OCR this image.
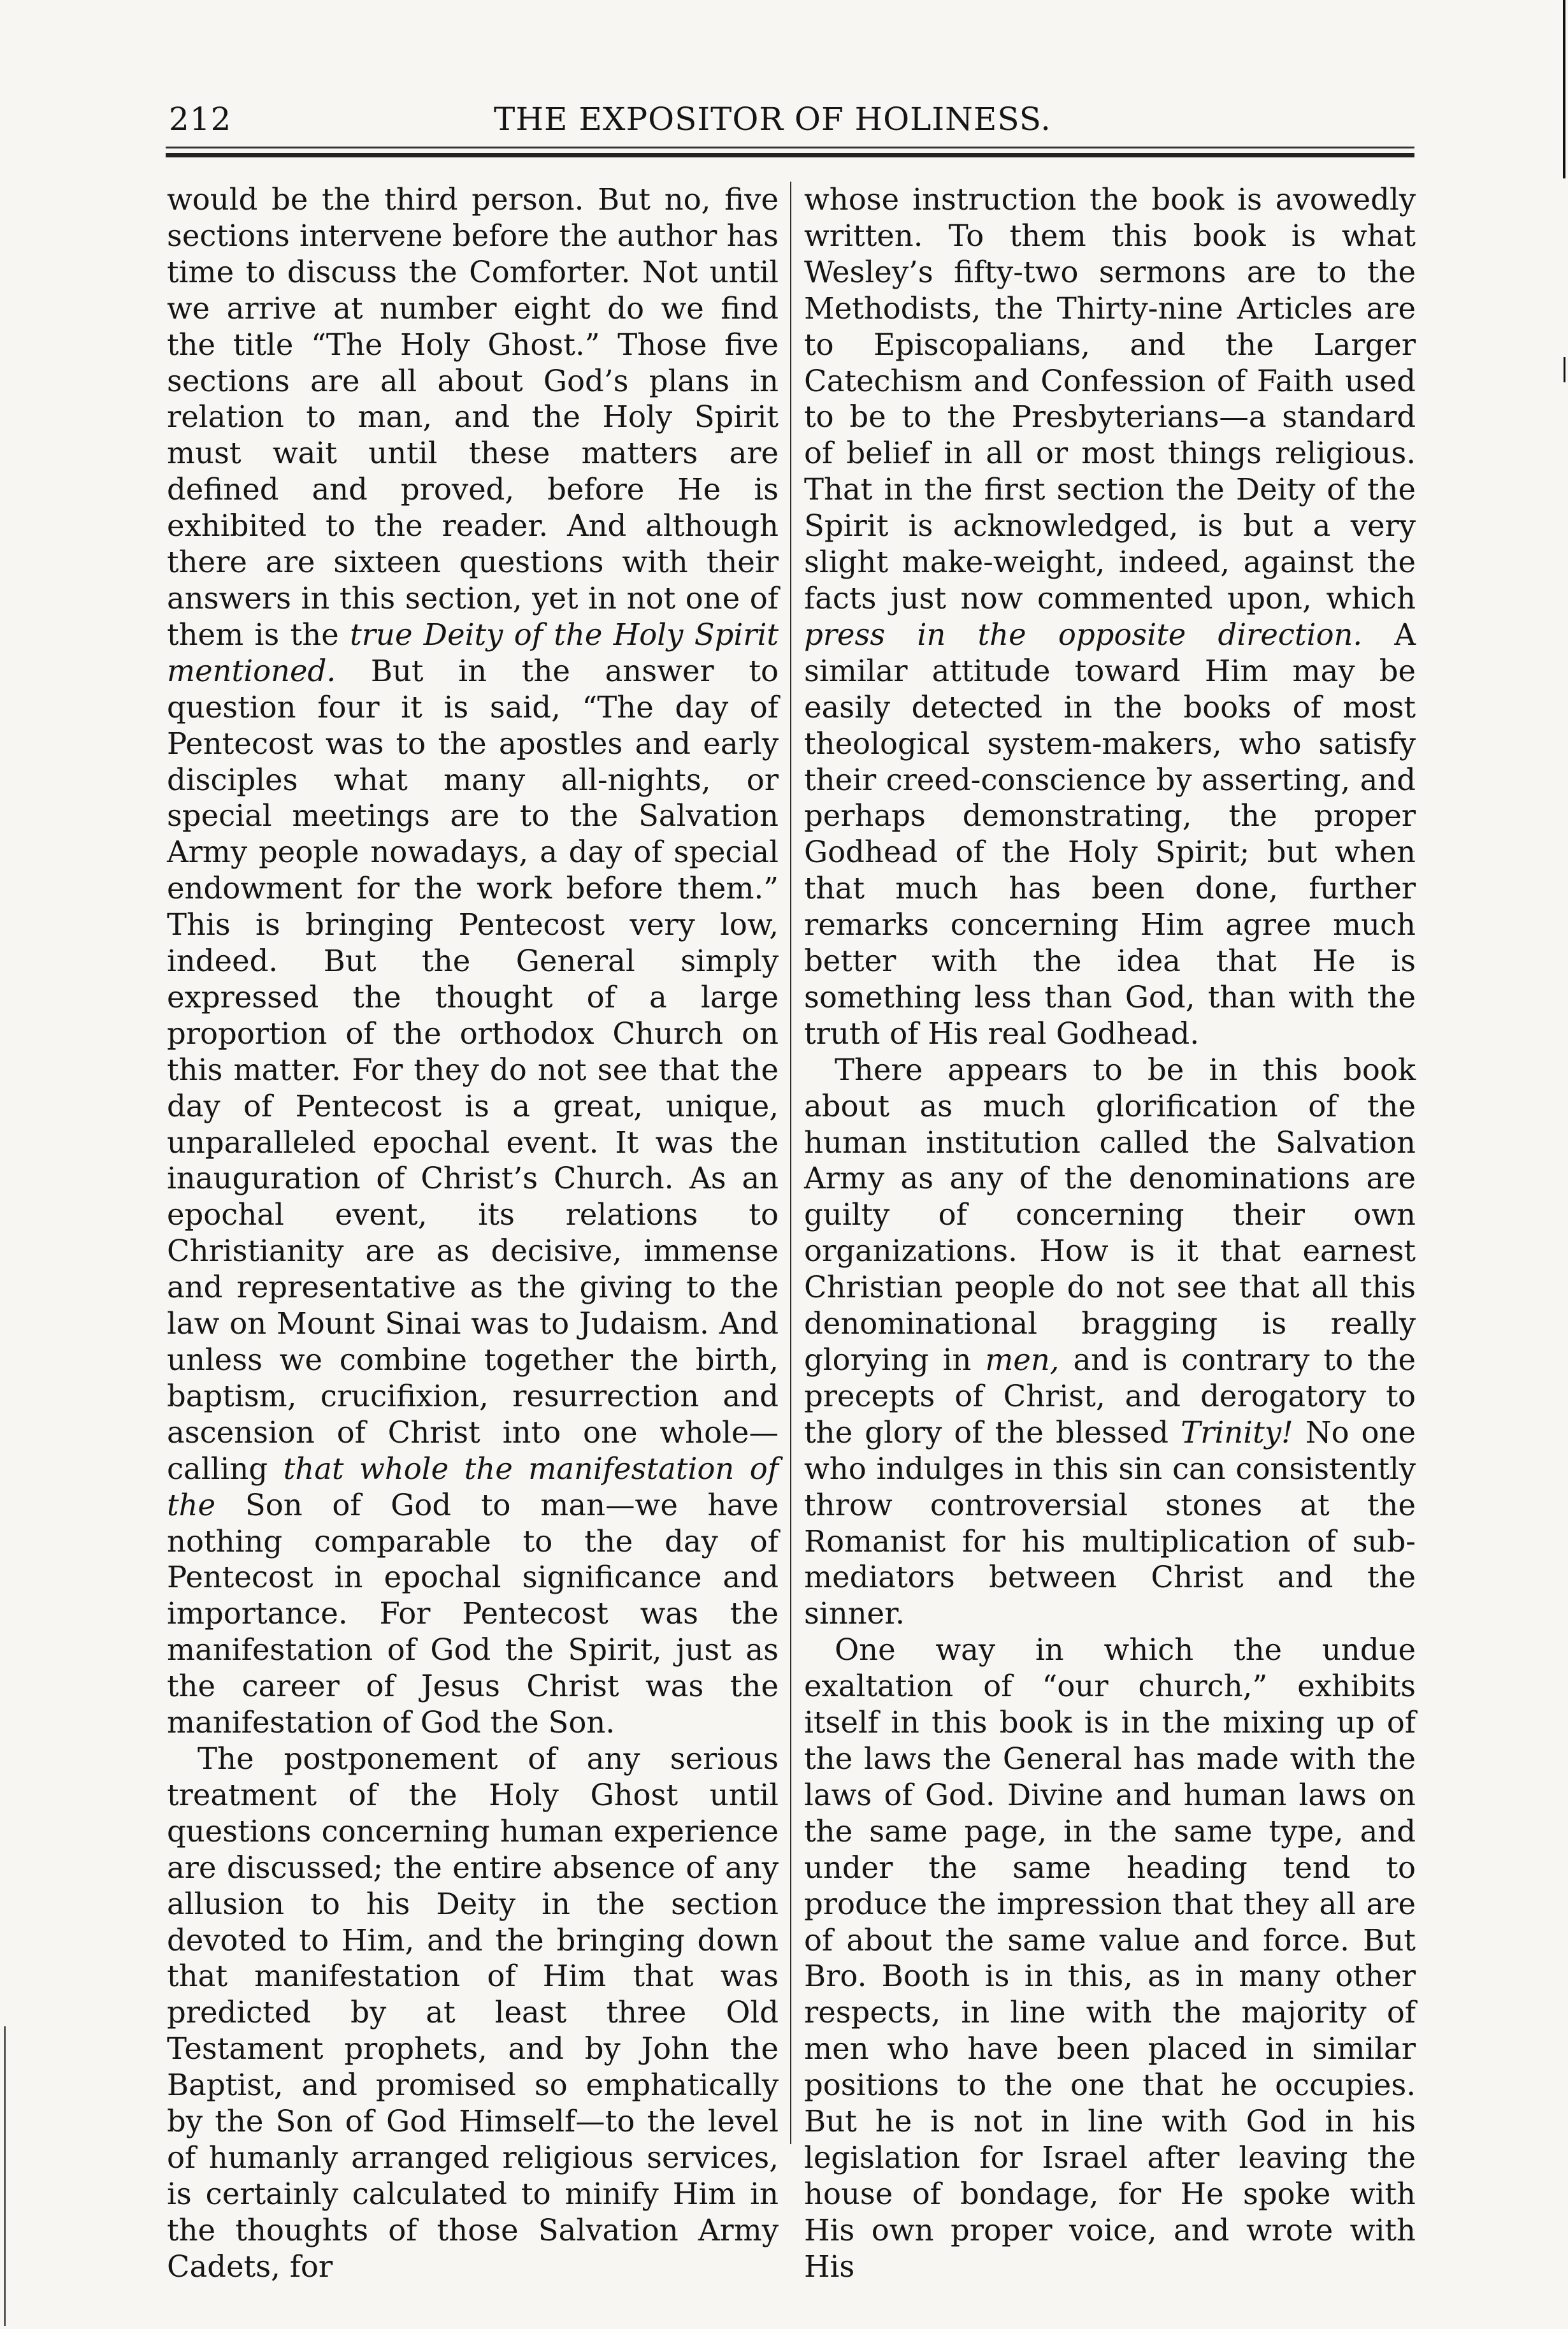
212	THE EXPOSITOR OF HOLINESS.

would be the third person. But no, five sections intervene before the author has time to discuss the Comforter. Not until we arrive at number eight do we find the title “The Holy Ghost.” Those five sections are all about God’s plans in relation to man, and the Holy Spirit must wait until these matters are defined and proved, before He is exhibited to the reader. And although there are sixteen questions with their answers in this section, yet in not one of them is the true Deity of the Holy Spirit mentioned. But in the answer to question four it is said, “The day of Pentecost was to the apostles and early disciples what many all-nights, or special meetings are to the Salvation Army people nowadays, a day of special endowment for the work before them.” This is bringing Pentecost very low, indeed. But the General simply expressed the thought of a large proportion of the orthodox Church on this matter. For they do not see that the day of Pentecost is a great, unique, unparalleled epochal event. It was the inauguration of Christ’s Church. As an epochal event, its relations to Christianity are as decisive, immense and representative as the giving to the law on Mount Sinai was to Judaism. And unless we combine together the birth, baptism, crucifixion, resurrection and ascension of Christ into one whole—calling that whole the manifestation of the Son of God to man—we have nothing comparable to the day of Pentecost in epochal significance and importance. For Pentecost was the manifestation of God the Spirit, just as the career of Jesus Christ was the manifestation of God the Son.

The postponement of any serious treatment of the Holy Ghost until questions concerning human experience are discussed; the entire absence of any allusion to his Deity in the section devoted to Him, and the bringing down that manifestation of Him that was predicted by at least three Old Testament prophets, and by John the Baptist, and promised so emphatically by the Son of God Himself—to the level of humanly arranged religious services, is certainly calculated to minify Him in the thoughts of those Salvation Army Cadets, for

whose instruction the book is avowedly written. To them this book is what Wesley’s fifty-two sermons are to the Methodists, the Thirty-nine Articles are to Episcopalians, and the Larger Catechism and Confession of Faith used to be to the Presbyterians—a standard of belief in all or most things religious. That in the first section the Deity of the Spirit is acknowledged, is but a very slight make-weight, indeed, against the facts just now commented upon, which press in the opposite direction. A similar attitude toward Him may be easily detected in the books of most theological system-makers, who satisfy their creed-conscience by asserting, and perhaps demonstrating, the proper Godhead of the Holy Spirit; but when that much has been done, further remarks concerning Him agree much better with the idea that He is something less than God, than with the truth of His real Godhead.

There appears to be in this book about as much glorification of the human institution called the Salvation Army as any of the denominations are guilty of concerning their own organizations. How is it that earnest Christian people do not see that all this denominational bragging is really glorying in men, and is contrary to the precepts of Christ, and derogatory to the glory of the blessed Trinity! No one who indulges in this sin can consistently throw controversial stones at the Romanist for his multiplication of sub-mediators between Christ and the sinner.

One way in which the undue exaltation of “our church,” exhibits itself in this book is in the mixing up of the laws the General has made with the laws of God. Divine and human laws on the same page, in the same type, and under the same heading tend to produce the impression that they all are of about the same value and force. But Bro. Booth is in this, as in many other respects, in line with the majority of men who have been placed in similar positions to the one that he occupies. But he is not in line with God in his legislation for Israel after leaving the house of bondage, for He spoke with His own proper voice, and wrote with His
